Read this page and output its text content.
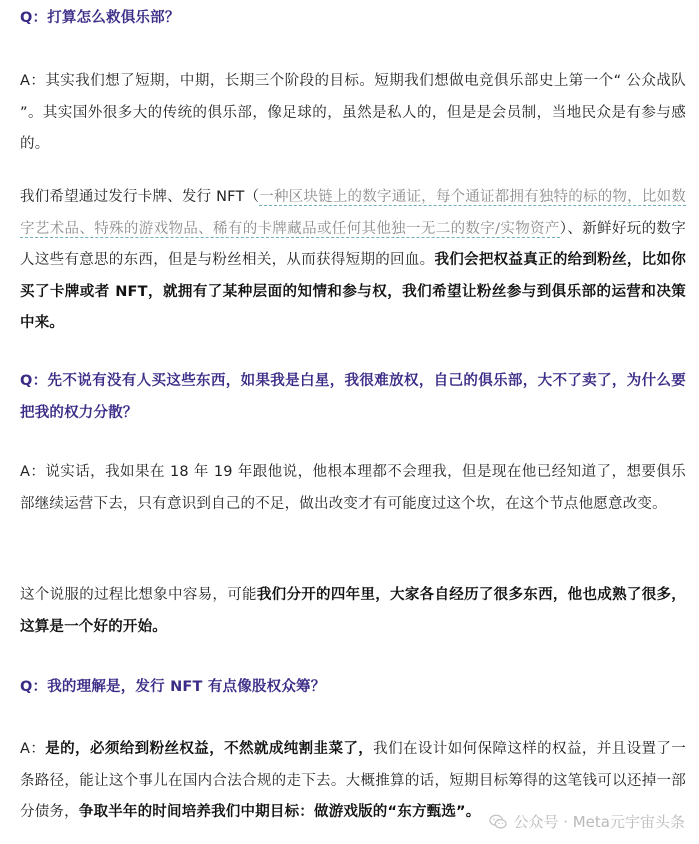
Q：打算怎么救俱乐部？

A：其实我们想了短期，中期，长期三个阶段的目标。短期我们想做电竞俱乐部史上第一个“ 公众战队 ”。其实国外很多大的传统的俱乐部，像足球的，虽然是私人的，但是是会员制，当地民众是有参与感的。

我们希望通过发行卡牌、发行 NFT（一种区块链上的数字通证，每个通证都拥有独特的标的物，比如数字艺术品、特殊的游戏物品、稀有的卡牌藏品或任何其他独一无二的数字/实物资产）、新鲜好玩的数字人这些有意思的东西，但是与粉丝相关，从而获得短期的回血。我们会把权益真正的给到粉丝，比如你买了卡牌或者 NFT，就拥有了某种层面的知情和参与权，我们希望让粉丝参与到俱乐部的运营和决策中来。

Q：先不说有没有人买这些东西，如果我是白星，我很难放权，自己的俱乐部，大不了卖了，为什么要把我的权力分散？

A：说实话，我如果在 18 年 19 年跟他说，他根本理都不会理我，但是现在他已经知道了，想要俱乐部继续运营下去，只有意识到自己的不足，做出改变才有可能度过这个坎，在这个节点他愿意改变。

这个说服的过程比想象中容易，可能我们分开的四年里，大家各自经历了很多东西，他也成熟了很多，这算是一个好的开始。

Q：我的理解是，发行 NFT 有点像股权众筹？

A：是的，必须给到粉丝权益，不然就成纯割韭菜了，我们在设计如何保障这样的权益，并且设置了一条路径，能让这个事儿在国内合法合规的走下去。大概推算的话，短期目标筹得的这笔钱可以还掉一部分债务，争取半年的时间培养我们中期目标：做游戏版的“东方甄选”。

公众号 · Meta元宇宙头条
